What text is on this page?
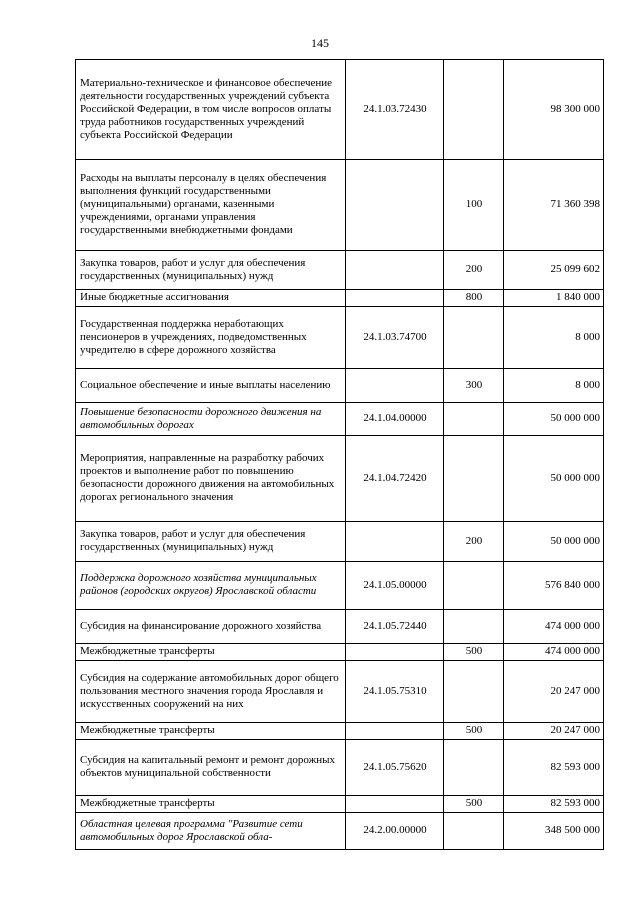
145
Материально-техническое и финансовое обеспечение деятельности государственных учреждений субъекта Российской Федерации, в том числе вопросов оплаты труда работников государственных учреждений субъекта Российской Федерации	24.1.03.72430		98 300 000
Расходы на выплаты персоналу в целях обеспечения выполнения функций государственными (муниципальными) органами, казенными учреждениями, органами управления государственными внебюджетными фондами		100	71 360 398
Закупка товаров, работ и услуг для обеспечения государственных (муниципальных) нужд		200	25 099 602
Иные бюджетные ассигнования		800	1 840 000
Государственная поддержка неработающих пенсионеров в учреждениях, подведомственных учредителю в сфере дорожного хозяйства	24.1.03.74700		8 000
Социальное обеспечение и иные выплаты населению		300	8 000
Повышение безопасности дорожного движения на автомобильных дорогах	24.1.04.00000		50 000 000
Мероприятия, направленные на разработку рабочих проектов и выполнение работ по повышению безопасности дорожного движения на автомобильных дорогах регионального значения	24.1.04.72420		50 000 000
Закупка товаров, работ и услуг для обеспечения государственных (муниципальных) нужд		200	50 000 000
Поддержка дорожного хозяйства муниципальных районов (городских округов) Ярославской области	24.1.05.00000		576 840 000
Субсидия на финансирование дорожного хозяйства	24.1.05.72440		474 000 000
Межбюджетные трансферты		500	474 000 000
Субсидия на содержание автомобильных дорог общего пользования местного значения города Ярославля и искусственных сооружений на них	24.1.05.75310		20 247 000
Межбюджетные трансферты		500	20 247 000
Субсидия на капитальный ремонт и ремонт дорожных объектов муниципальной собственности	24.1.05.75620		82 593 000
Межбюджетные трансферты		500	82 593 000
Областная целевая программа "Развитие сети автомобильных дорог Ярославской обла-	24.2.00.00000		348 500 000
